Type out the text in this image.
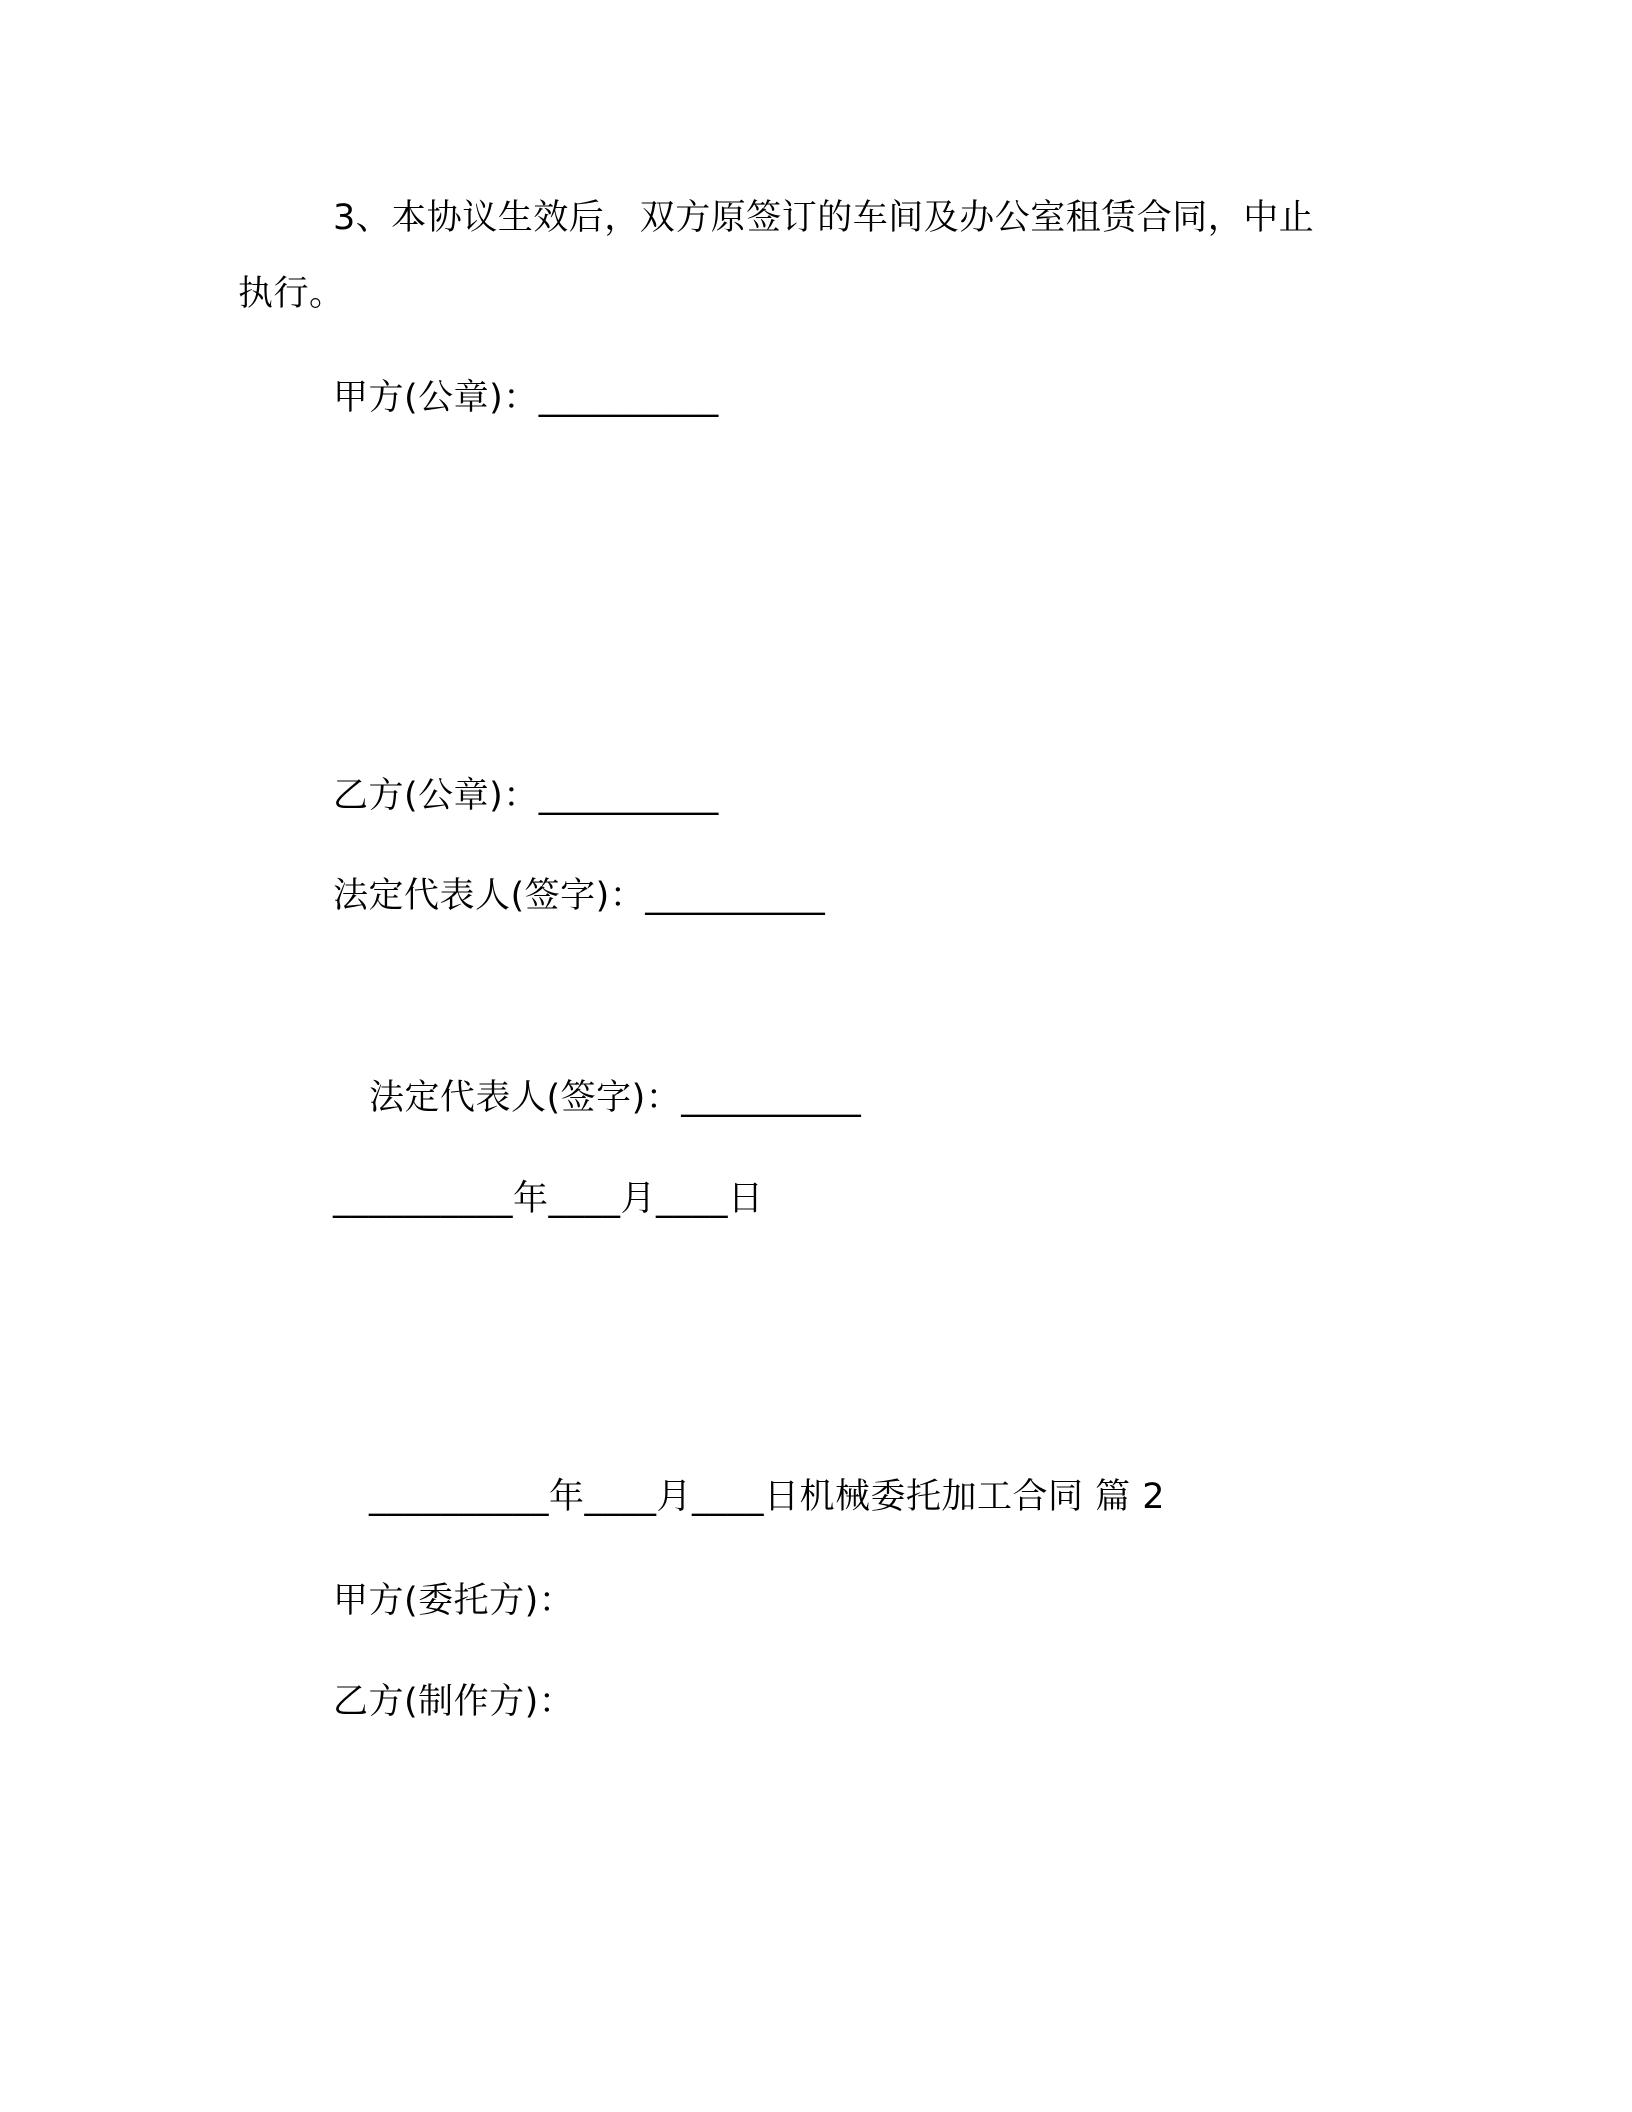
3、本协议生效后，双方原签订的车间及办公室租赁合同，中止
执行。
甲方(公章)：__________
乙方(公章)：__________
法定代表人(签字)：__________
法定代表人(签字)：__________
__________年____月____日
__________年____月____日机械委托加工合同 篇 2
甲方(委托方)：
乙方(制作方)：
